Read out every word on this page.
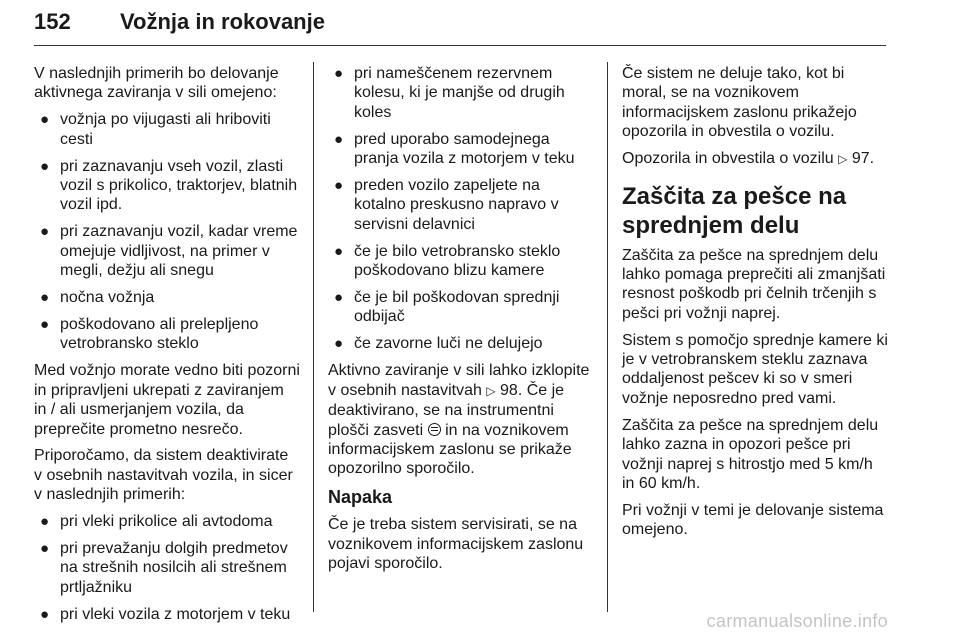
152 Vožnja in rokovanje

V naslednjih primerih bo delovanje aktivnega zaviranja v sili omejeno:

● vožnja po vijugasti ali hriboviti cesti
● pri zaznavanju vseh vozil, zlasti vozil s prikolico, traktorjev, blatnih vozil ipd.
● pri zaznavanju vozil, kadar vreme omejuje vidljivost, na primer v megli, dežju ali snegu
● nočna vožnja
● poškodovano ali prelepljeno vetrobransko steklo

Med vožnjo morate vedno biti pozorni in pripravljeni ukrepati z zaviranjem in / ali usmerjanjem vozila, da preprečite prometno nesrečo.

Priporočamo, da sistem deaktivirate v osebnih nastavitvah vozila, in sicer v naslednjih primerih:

● pri vleki prikolice ali avtodoma
● pri prevažanju dolgih predmetov na strešnih nosilcih ali strešnem prtljažniku
● pri vleki vozila z motorjem v teku
● pri nameščenem rezervnem kolesu, ki je manjše od drugih koles
● pred uporabo samodejnega pranja vozila z motorjem v teku
● preden vozilo zapeljete na kotalno preskusno napravo v servisni delavnici
● če je bilo vetrobransko steklo poškodovano blizu kamere
● če je bil poškodovan sprednji odbijač
● če zavorne luči ne delujejo

Aktivno zaviranje v sili lahko izklopite v osebnih nastavitvah ▷ 98. Če je deaktivirano, se na instrumentni plošči zasveti in na voznikovem informacijskem zaslonu se prikaže opozorilno sporočilo.

Napaka

Če je treba sistem servisirati, se na voznikovem informacijskem zaslonu pojavi sporočilo.

Če sistem ne deluje tako, kot bi moral, se na voznikovem informacijskem zaslonu prikažejo opozorila in obvestila o vozilu.

Opozorila in obvestila o vozilu ▷ 97.

Zaščita za pešce na sprednjem delu

Zaščita za pešce na sprednjem delu lahko pomaga preprečiti ali zmanjšati resnost poškodb pri čelnih trčenjih s pešci pri vožnji naprej.

Sistem s pomočjo sprednje kamere ki je v vetrobranskem steklu zaznava oddaljenost pešcev ki so v smeri vožnje neposredno pred vami.

Zaščita za pešce na sprednjem delu lahko zazna in opozori pešce pri vožnji naprej s hitrostjo med 5 km/h in 60 km/h.

Pri vožnji v temi je delovanje sistema omejeno.

carmanualsonline.info
